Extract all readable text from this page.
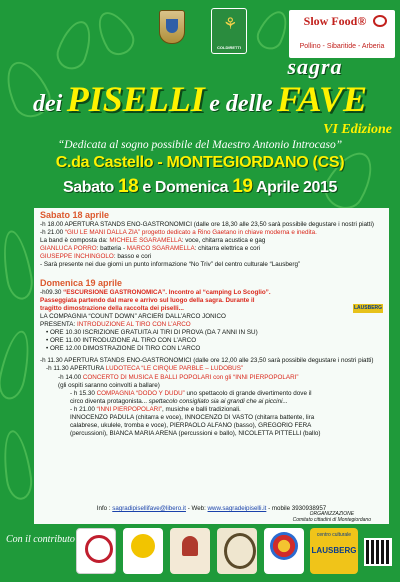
⚘
COLDIRETTI
Slow Food®
Pollino - Sibaritide - Arberia
sagra
dei PISELLI e delle FAVE
VI Edizione
“Dedicata al sogno possibile del Maestro Antonio Introcaso”
C.da Castello - MONTEGIORDANO (CS)
Sabato 18 e Domenica 19 Aprile 2015
Sabato 18 aprile
-h 18.00 APERTURA STANDS ENO-GASTRONOMICI (dalle ore 18,30 alle 23,50 sarà possibile degustare i nostri piatti)
-h 21.00 “GIÙ LE MANI DALLA ZIA” progetto dedicato a Rino Gaetano in chiave moderna e inedita.
La band è composta da: MICHELE SGARAMELLA: voce, chitarra acustica e gag
GIANLUCA PORRO: batteria - MARCO SGARAMELLA: chitarra elettrica e cori
GIUSEPPE INCHINGOLO: basso e cori
- Sarà presente nei due giorni un punto informazione “No Triv” del centro culturale “Lausberg”
LAUSBERG
Domenica 19 aprile
-h09.30 “ESCURSIONE GASTRONOMICA”. Incontro al “camping Lo Scoglio”.
Passeggiata partendo dal mare e arrivo sul luogo della sagra. Durante il
tragitto dimostrazione della raccolta dei piselli...
LA COMPAGNIA “COUNT DOWN” ARCIERI DALL’ARCO JONICO
PRESENTA: INTRODUZIONE AL TIRO CON L’ARCO
• ORE 10.30 ISCRIZIONE GRATUITA AI TIRI DI PROVA (DA 7 ANNI IN SU)
• ORE 11.00 INTRODUZIONE AL TIRO CON L’ARCO
• ORE 12.00 DIMOSTRAZIONE DI TIRO CON L’ARCO
-h 11.30 APERTURA STANDS ENO-GASTRONOMICI (dalle ore 12,00 alle 23,50 sarà possibile degustare i nostri piatti)
-h 11.30 APERTURA LUDOTECA “LE CIRQUE PARBLÈ – LUDOBUS”
-h 14.00 CONCERTO DI MUSICA E BALLI POPOLARI con gli “INNI PIERPOPOLARI”
(gli ospiti saranno coinvolti a ballare)
- h 15.30 COMPAGNIA “DODO Y DUDU” uno spettacolo di grande divertimento dove il
circo diventa protagonista... spettacolo consigliato sia ai grandi che ai piccini...
- h 21.00 “INNI PIERPOPOLARI”, musiche e balli tradizionali.
INNOCENZO PADULA (chitarra e voce), INNOCENZO DI VASTO (chitarra battente, lira
calabrese, ukulele, tromba e voce), PIERPAOLO ALFANO (basso), GREGORIO FERA
(percussioni), BIANCA MARIA ARENA (percussioni e ballo), NICOLETTA PITTELLI (ballo)
Info : sagradipisellifave@libero.it - Web: www.sagradeipiselli.it - mobile 3930938957
ORGANIZZAZIONE
Comitato cittadini di Montegiordano
Con il contributo	centro culturale
LAUSBERG
